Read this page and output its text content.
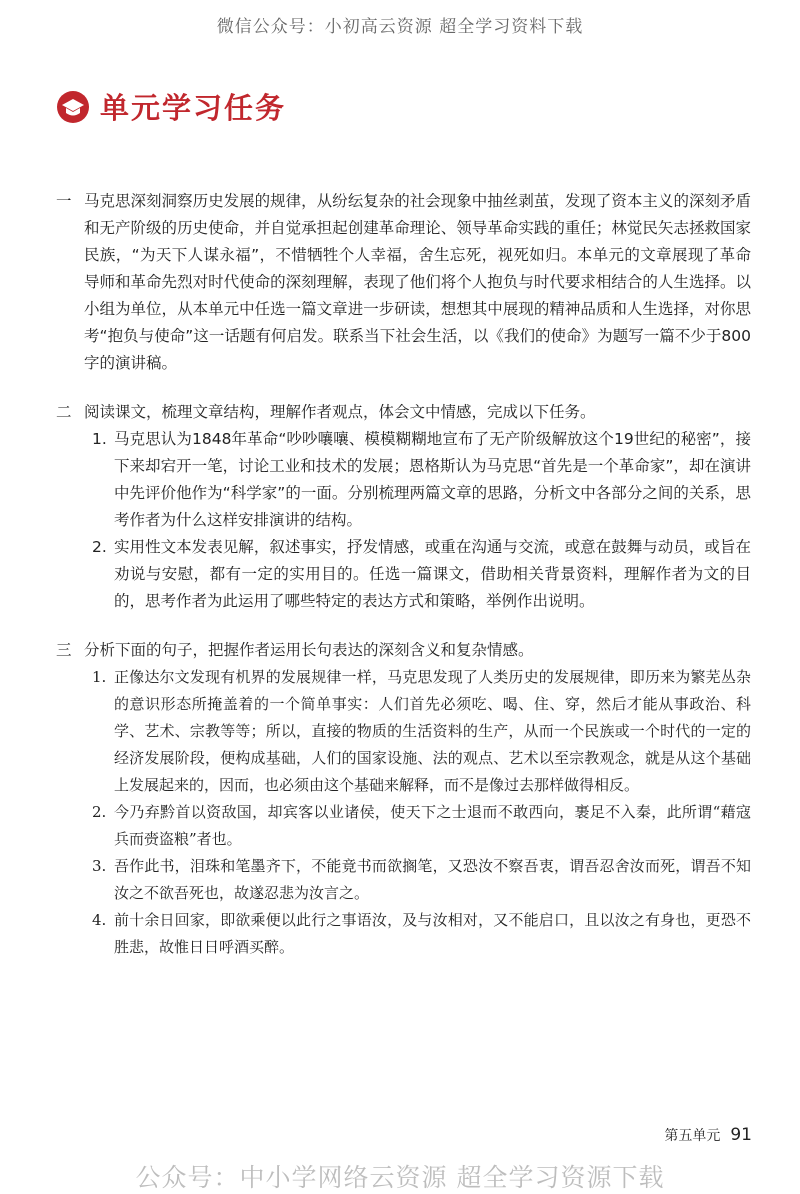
微信公众号：小初高云资源 超全学习资料下载
单元学习任务
一 马克思深刻洞察历史发展的规律，从纷纭复杂的社会现象中抽丝剥茧，发现了资本主义的深刻矛盾和无产阶级的历史使命，并自觉承担起创建革命理论、领导革命实践的重任；林觉民矢志拯救国家民族，“为天下人谋永福”，不惜牺牲个人幸福，舍生忘死，视死如归。本单元的文章展现了革命导师和革命先烈对时代使命的深刻理解，表现了他们将个人抱负与时代要求相结合的人生选择。以小组为单位，从本单元中任选一篇文章进一步研读，想想其中展现的精神品质和人生选择，对你思考“抱负与使命”这一话题有何启发。联系当下社会生活，以《我们的使命》为题写一篇不少于800字的演讲稿。
二 阅读课文，梳理文章结构，理解作者观点，体会文中情感，完成以下任务。
1. 马克思认为1848年革命“吵吵嚷嚷、模模糊糊地宣布了无产阶级解放这个19世纪的秘密”，接下来却宕开一笔，讨论工业和技术的发展；恩格斯认为马克思“首先是一个革命家”，却在演讲中先评价他作为“科学家”的一面。分别梳理两篇文章的思路，分析文中各部分之间的关系，思考作者为什么这样安排演讲的结构。
2. 实用性文本发表见解，叙述事实，抒发情感，或重在沟通与交流，或意在鼓舞与动员，或旨在劝说与安慰，都有一定的实用目的。任选一篇课文，借助相关背景资料，理解作者为文的目的，思考作者为此运用了哪些特定的表达方式和策略，举例作出说明。
三 分析下面的句子，把握作者运用长句表达的深刻含义和复杂情感。
1. 正像达尔文发现有机界的发展规律一样，马克思发现了人类历史的发展规律，即历来为繁芜丛杂的意识形态所掩盖着的一个简单事实：人们首先必须吃、喝、住、穿，然后才能从事政治、科学、艺术、宗教等等；所以，直接的物质的生活资料的生产，从而一个民族或一个时代的一定的经济发展阶段，便构成基础，人们的国家设施、法的观点、艺术以至宗教观念，就是从这个基础上发展起来的，因而，也必须由这个基础来解释，而不是像过去那样做得相反。
2. 今乃弃黔首以资敌国，却宾客以业诸侯，使天下之士退而不敢西向，裹足不入秦，此所谓“藉寇兵而赍盗粮”者也。
3. 吾作此书，泪珠和笔墨齐下，不能竟书而欲搁笔，又恐汝不察吾衷，谓吾忍舍汝而死，谓吾不知汝之不欲吾死也，故遂忍悲为汝言之。
4. 前十余日回家，即欲乘便以此行之事语汝，及与汝相对，又不能启口，且以汝之有身也，更恐不胜悲，故惟日日呼酒买醉。
第五单元 91
公众号：中小学网络云资源 超全学习资源下载
